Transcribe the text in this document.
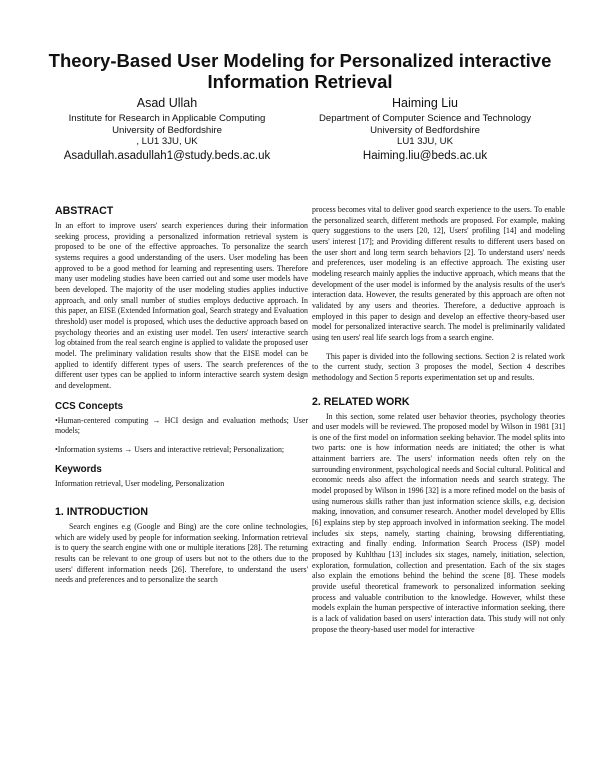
Theory-Based User Modeling for Personalized interactive Information Retrieval
Asad Ullah
Institute for Research in Applicable Computing
University of Bedfordshire
, LU1 3JU, UK
Asadullah.asadullah1@study.beds.ac.uk
Haiming Liu
Department of Computer Science and Technology
University of Bedfordshire
LU1 3JU, UK
Haiming.liu@beds.ac.uk
ABSTRACT

In an effort to improve users' search experiences during their information seeking process, providing a personalized information retrieval system is proposed to be one of the effective approaches. To personalize the search systems requires a good understanding of the users. User modeling has been approved to be a good method for learning and representing users. Therefore many user modeling studies have been carried out and some user models have been developed. The majority of the user modeling studies applies inductive approach, and only small number of studies employs deductive approach. In this paper, an EISE (Extended Information goal, Search strategy and Evaluation threshold) user model is proposed, which uses the deductive approach based on psychology theories and an existing user model. Ten users' interactive search log obtained from the real search engine is applied to validate the proposed user model. The preliminary validation results show that the EISE model can be applied to identify different types of users. The search preferences of the different user types can be applied to inform interactive search system design and development.

CCS Concepts

•Human-centered computing → HCI design and evaluation methods; User models;

•Information systems → Users and interactive retrieval; Personalization;

Keywords

Information retrieval, User modeling, Personalization

1. INTRODUCTION

Search engines e.g (Google and Bing) are the core online technologies, which are widely used by people for information seeking. Information retrieval is to query the search engine with one or multiple iterations [28]. The returning results can be relevant to one group of users but not to the others due to the users' different information needs [26]. Therefore, to understand the users' needs and preferences and to personalize the search

process becomes vital to deliver good search experience to the users. To enable the personalized search, different methods are proposed. For example, making query suggestions to the users [20, 12], Users' profiling [14] and modeling users' interest [17]; and Providing different results to different users based on the user short and long term search behaviors [2]. To understand users' needs and preferences, user modeling is an effective approach. The existing user modeling research mainly applies the inductive approach, which means that the development of the user model is informed by the analysis results of the user's interaction data. However, the results generated by this approach are often not validated by any users and theories. Therefore, a deductive approach is employed in this paper to design and develop an effective theory-based user model for personalized interactive search. The model is preliminarily validated using ten users' real life search logs from a search engine.

This paper is divided into the following sections. Section 2 is related work to the current study, section 3 proposes the model, Section 4 describes methodology and Section 5 reports experimentation set up and results.

2. RELATED WORK

In this section, some related user behavior theories, psychology theories and user models will be reviewed. The proposed model by Wilson in 1981 [31] is one of the first model on information seeking behavior. The model splits into two parts: one is how information needs are initiated; the other is what attainment barriers are. The users' information needs often rely on the surrounding environment, psychological needs and Social cultural. Political and economic needs also affect the information needs and search strategy. The model proposed by Wilson in 1996 [32] is a more refined model on the basis of using numerous skills rather than just information science skills, e.g. decision making, innovation, and consumer research. Another model developed by Ellis [6] explains step by step approach involved in information seeking. The model includes six steps, namely, starting chaining, browsing differentiating, extracting and finally ending. Information Search Process (ISP) model proposed by Kuhlthau [13] includes six stages, namely, initiation, selection, exploration, formulation, collection and presentation. Each of the six stages also explain the emotions behind the behind the scene [8]. These models provide useful theoretical framework to personalized information seeking process and valuable contribution to the knowledge. However, whilst these models explain the human perspective of interactive information seeking, there is a lack of validation based on users' interaction data. This study will not only propose the theory-based user model for interactive
